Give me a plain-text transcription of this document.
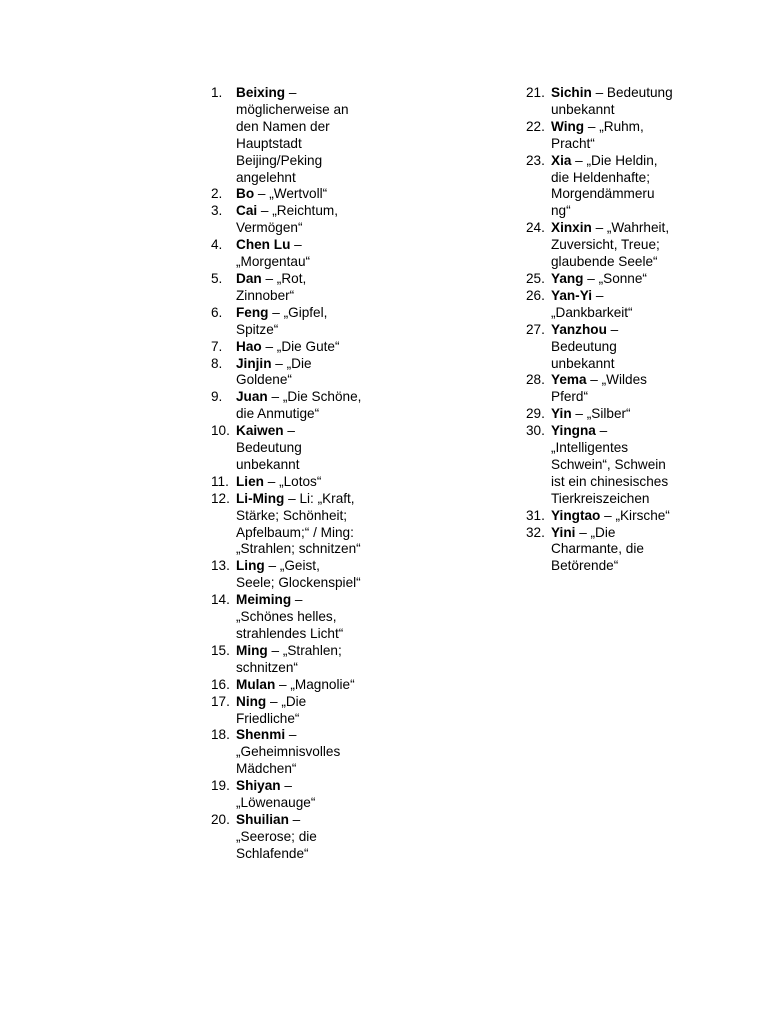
1.	Beixing – möglicherweise an den Namen der Hauptstadt Beijing/Peking angelehnt
2.	Bo – „Wertvoll“
3.	Cai – „Reichtum, Vermögen“
4.	Chen Lu – „Morgentau“
5.	Dan – „Rot, Zinnober“
6.	Feng – „Gipfel, Spitze“
7.	Hao – „Die Gute“
8.	Jinjin – „Die Goldene“
9.	Juan – „Die Schöne, die Anmutige“
10. Kaiwen – Bedeutung unbekannt
11. Lien – „Lotos“
12. Li-Ming – Li: „Kraft, Stärke; Schönheit; Apfelbaum;“ / Ming: „Strahlen; schnitzen“
13. Ling – „Geist, Seele; Glockenspiel“
14. Meiming – „Schönes helles, strahlendes Licht“
15. Ming – „Strahlen; schnitzen“
16. Mulan – „Magnolie“
17. Ning – „Die Friedliche“
18. Shenmi – „Geheimnisvolles Mädchen“
19. Shiyan – „Löwenauge“
20. Shuilian – „Seerose; die Schlafende“
21. Sichin – Bedeutung unbekannt
22. Wing – „Ruhm, Pracht“
23. Xia – „Die Heldin, die Heldenhafte; Morgendämmeru ng“
24. Xinxin – „Wahrheit, Zuversicht, Treue; glaubende Seele“
25. Yang – „Sonne“
26. Yan-Yi – „Dankbarkeit“
27. Yanzhou – Bedeutung unbekannt
28. Yema – „Wildes Pferd“
29. Yin – „Silber“
30. Yingna – „Intelligentes Schwein“, Schwein ist ein chinesisches Tierkreiszeichen
31. Yingtao – „Kirsche“
32. Yini – „Die Charmante, die Betörende“
